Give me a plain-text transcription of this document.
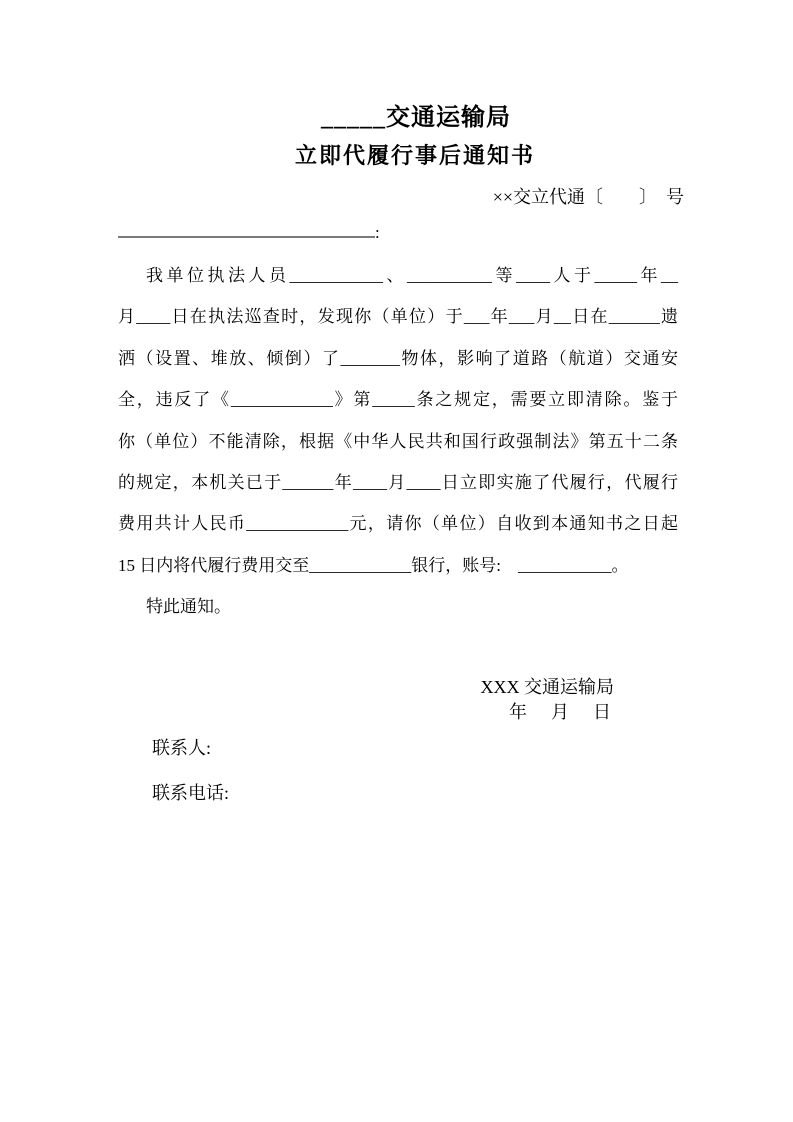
_____交通运输局
立即代履行事后通知书
××交立代通〔　　〕　号
:
我单位执法人员___________、__________等____人于_____年__
月____日在执法巡查时，发现你（单位）于___年___月__日在______遗
洒（设置、堆放、倾倒）了_______物体，影响了道路（航道）交通安
全，违反了《____________》第_____条之规定，需要立即清除。鉴于
你（单位）不能清除，根据《中华人民共和国行政强制法》第五十二条
的规定，本机关已于______年____月____日立即实施了代履行，代履行
费用共计人民币____________元，请你（单位）自收到本通知书之日起
15 日内将代履行费用交至____________银行，账号:　___________。
特此通知。
XXX 交通运输局
年　月　日
联系人:
联系电话:
